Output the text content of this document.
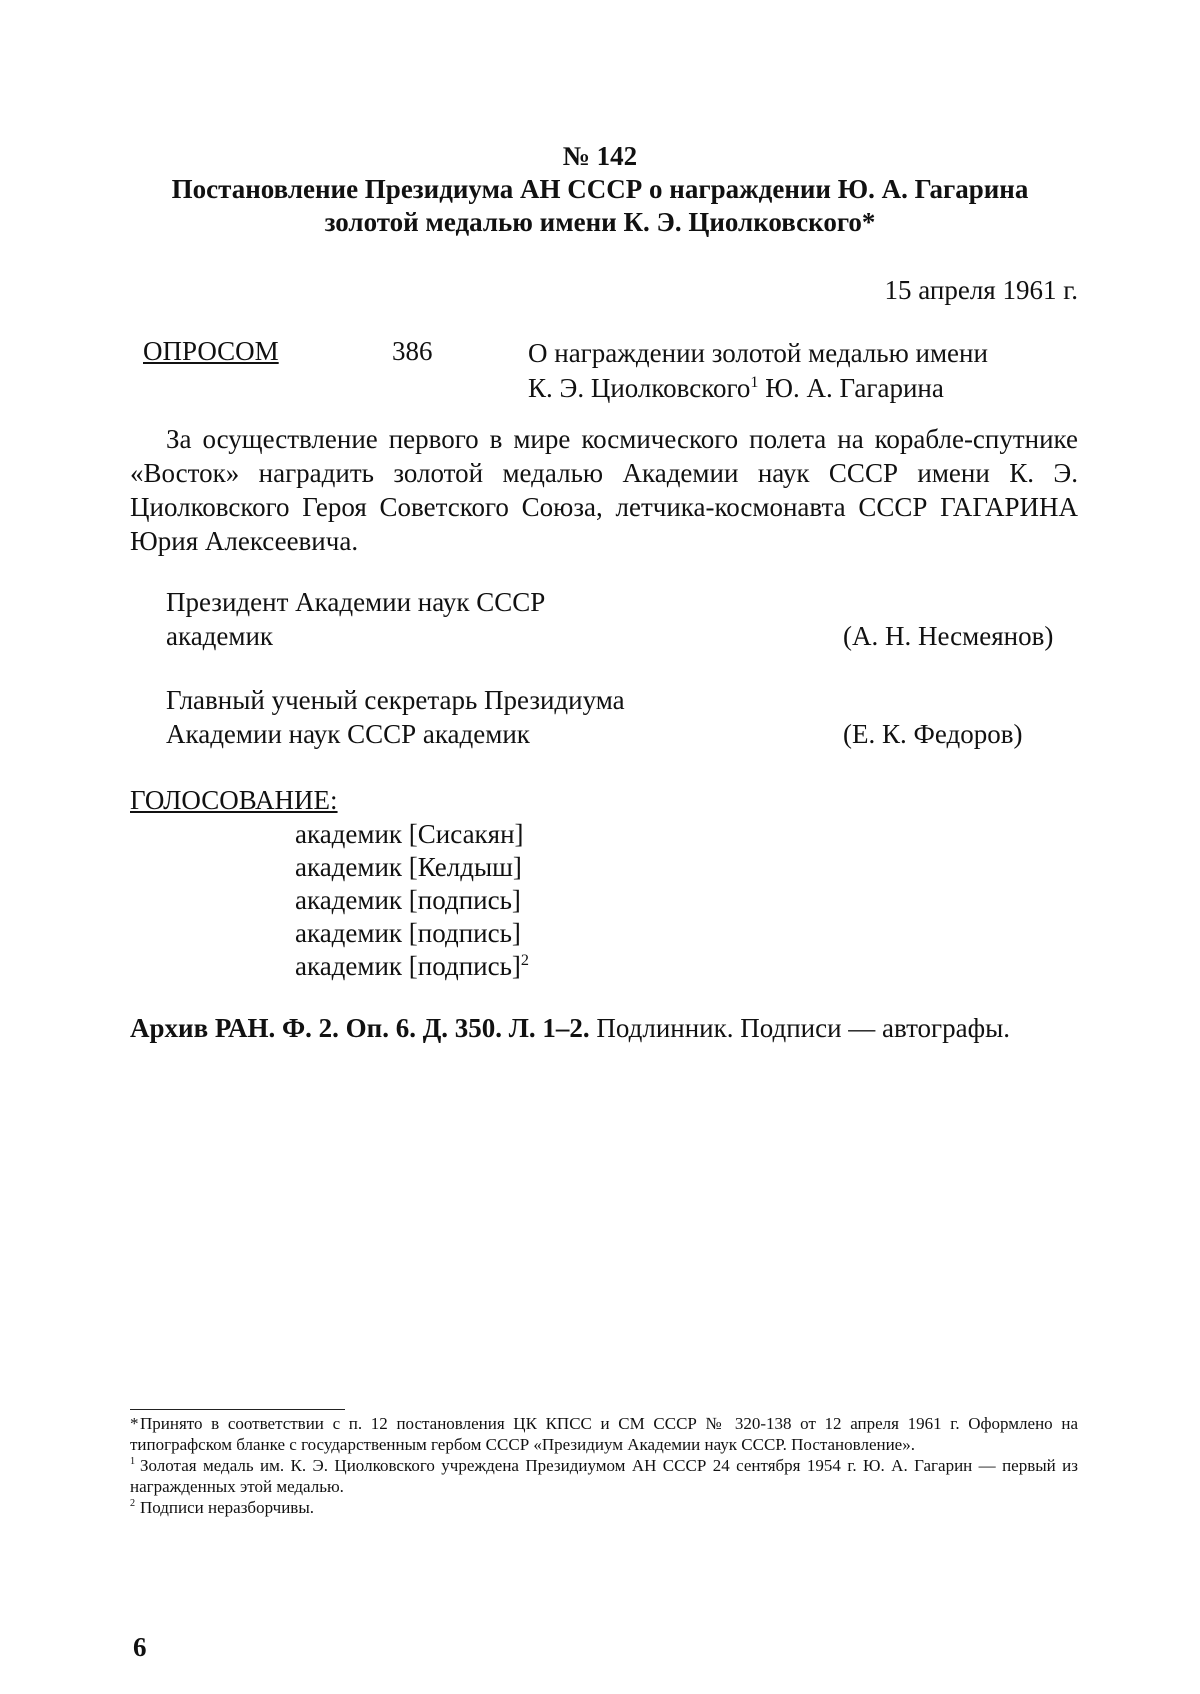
№ 142
Постановление Президиума АН СССР о награждении Ю. А. Гагарина
золотой медалью имени К. Э. Циолковского*
15 апреля 1961 г.
ОПРОСОМ	386	О награждении золотой медалью имени
К. Э. Циолковского$^1$ Ю. А. Гагарина
За осуществление первого в мире космического полета на корабле-спутнике «Восток» наградить золотой медалью Академии наук СССР имени К. Э. Циолковского Героя Советского Союза, летчика-космонавта СССР ГАГАРИНА Юрия Алексеевича.
Президент Академии наук СССР
академик	(А. Н. Несмеянов)
Главный ученый секретарь Президиума
Академии наук СССР академик	(Е. К. Федоров)
ГОЛОСОВАНИЕ:
академик [Сисакян]
академик [Келдыш]
академик [подпись]
академик [подпись]
академик [подпись]$^2$
Архив РАН. Ф. 2. Оп. 6. Д. 350. Л. 1–2. Подлинник. Подписи — автографы.
*Принято в соответствии с п. 12 постановления ЦК КПСС и СМ СССР № 320-138 от 12 апреля 1961 г. Оформлено на типографском бланке с государственным гербом СССР «Президиум Академии наук СССР. Постановление».
$^1$ Золотая медаль им. К. Э. Циолковского учреждена Президиумом АН СССР 24 сентября 1954 г. Ю. А. Гагарин — первый из награжденных этой медалью.
$^2$ Подписи неразборчивы.
6
